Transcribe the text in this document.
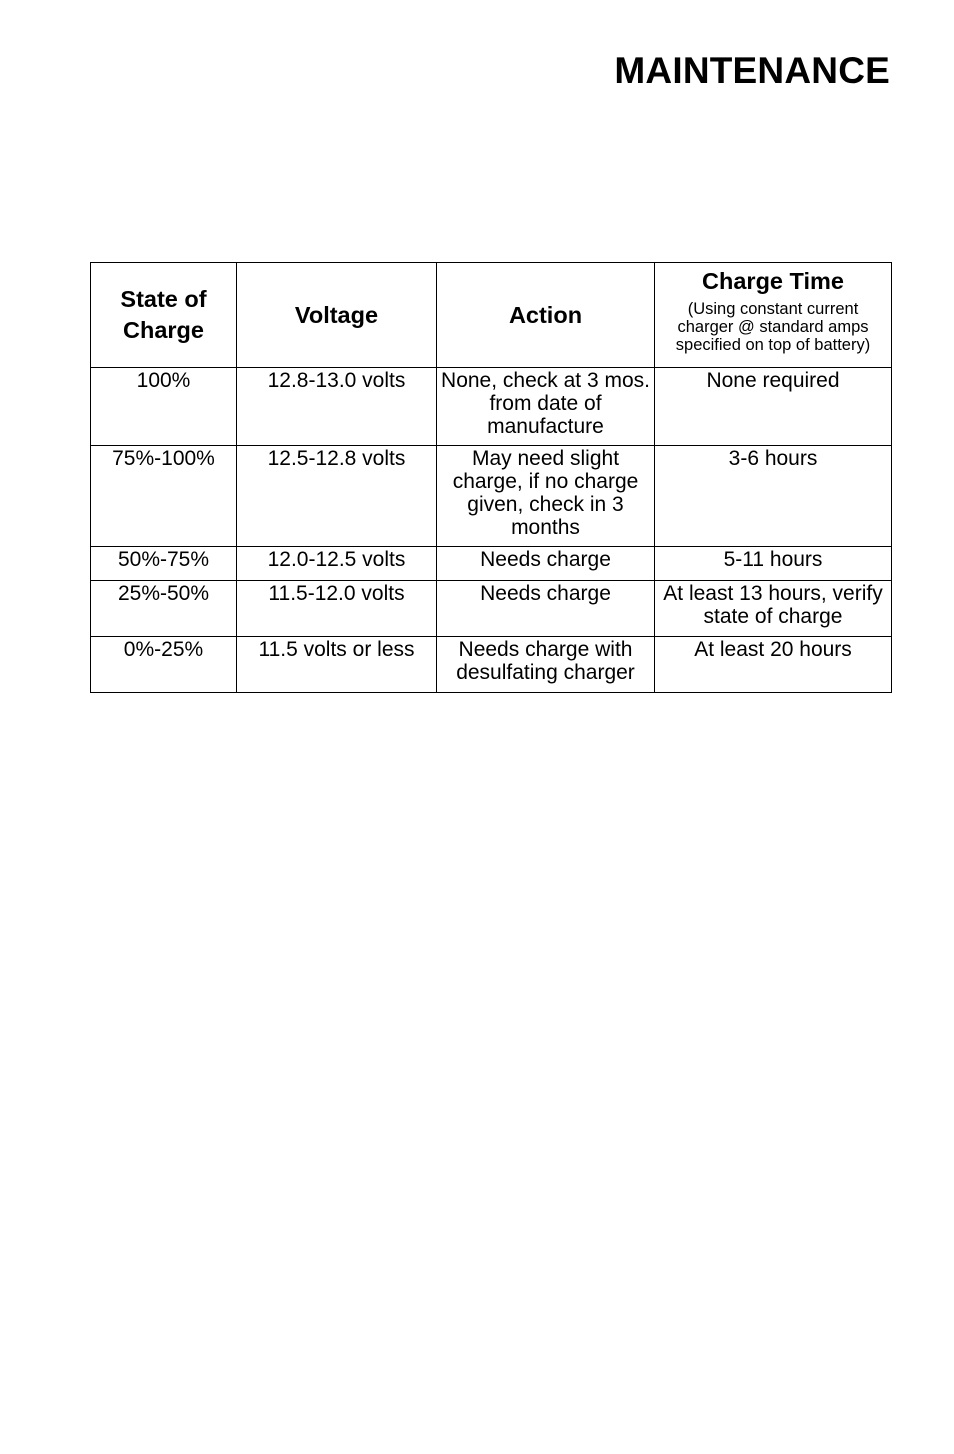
MAINTENANCE
State of Charge	Voltage	Action	Charge Time
(Using constant current charger @ standard amps specified on top of battery)

100%	12.8-13.0 volts	None, check at 3 mos. from date of manufacture	None required
75%-100%	12.5-12.8 volts	May need slight charge, if no charge given, check in 3 months	3-6 hours
50%-75%	12.0-12.5 volts	Needs charge	5-11 hours
25%-50%	11.5-12.0 volts	Needs charge	At least 13 hours, verify state of charge
0%-25%	11.5 volts or less	Needs charge with desulfating charger	At least 20 hours
